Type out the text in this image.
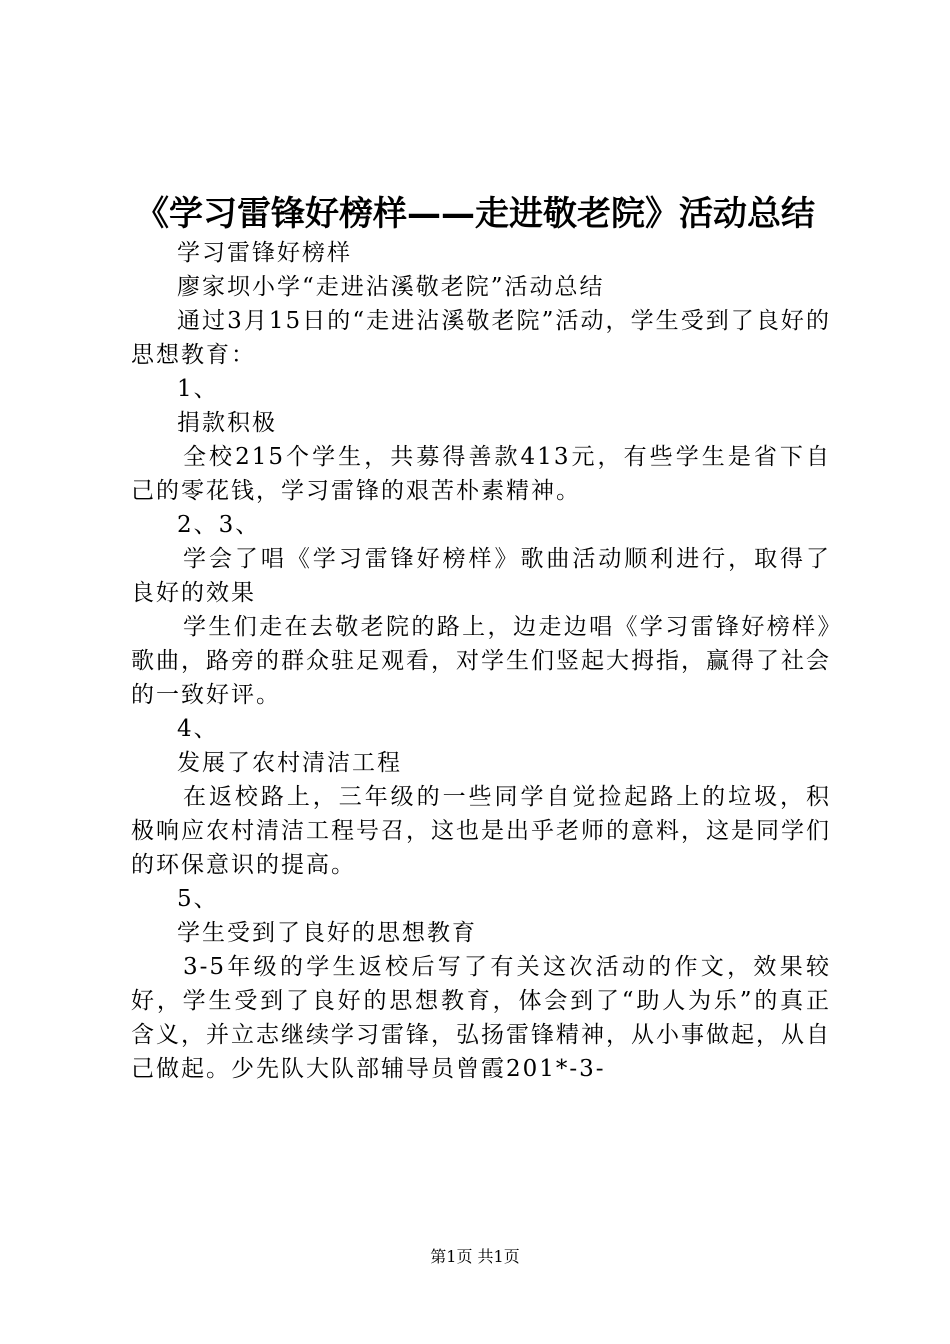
《学习雷锋好榜样——走进敬老院》活动总结

学习雷锋好榜样

廖家坝小学“走进沾溪敬老院”活动总结

通过3月15日的“走进沾溪敬老院”活动，学生受到了良好的思想教育：

1、

捐款积极

全校215个学生，共募得善款413元，有些学生是省下自己的零花钱，学习雷锋的艰苦朴素精神。

2、3、

学会了唱《学习雷锋好榜样》歌曲活动顺利进行，取得了良好的效果

学生们走在去敬老院的路上，边走边唱《学习雷锋好榜样》歌曲，路旁的群众驻足观看，对学生们竖起大拇指，赢得了社会的一致好评。

4、

发展了农村清洁工程

在返校路上，三年级的一些同学自觉捡起路上的垃圾，积极响应农村清洁工程号召，这也是出乎老师的意料，这是同学们的环保意识的提高。

5、

学生受到了良好的思想教育

3-5年级的学生返校后写了有关这次活动的作文，效果较好，学生受到了良好的思想教育，体会到了“助人为乐”的真正含义，并立志继续学习雷锋，弘扬雷锋精神，从小事做起，从自己做起。少先队大队部辅导员曾霞201*-3-

第1页 共1页
